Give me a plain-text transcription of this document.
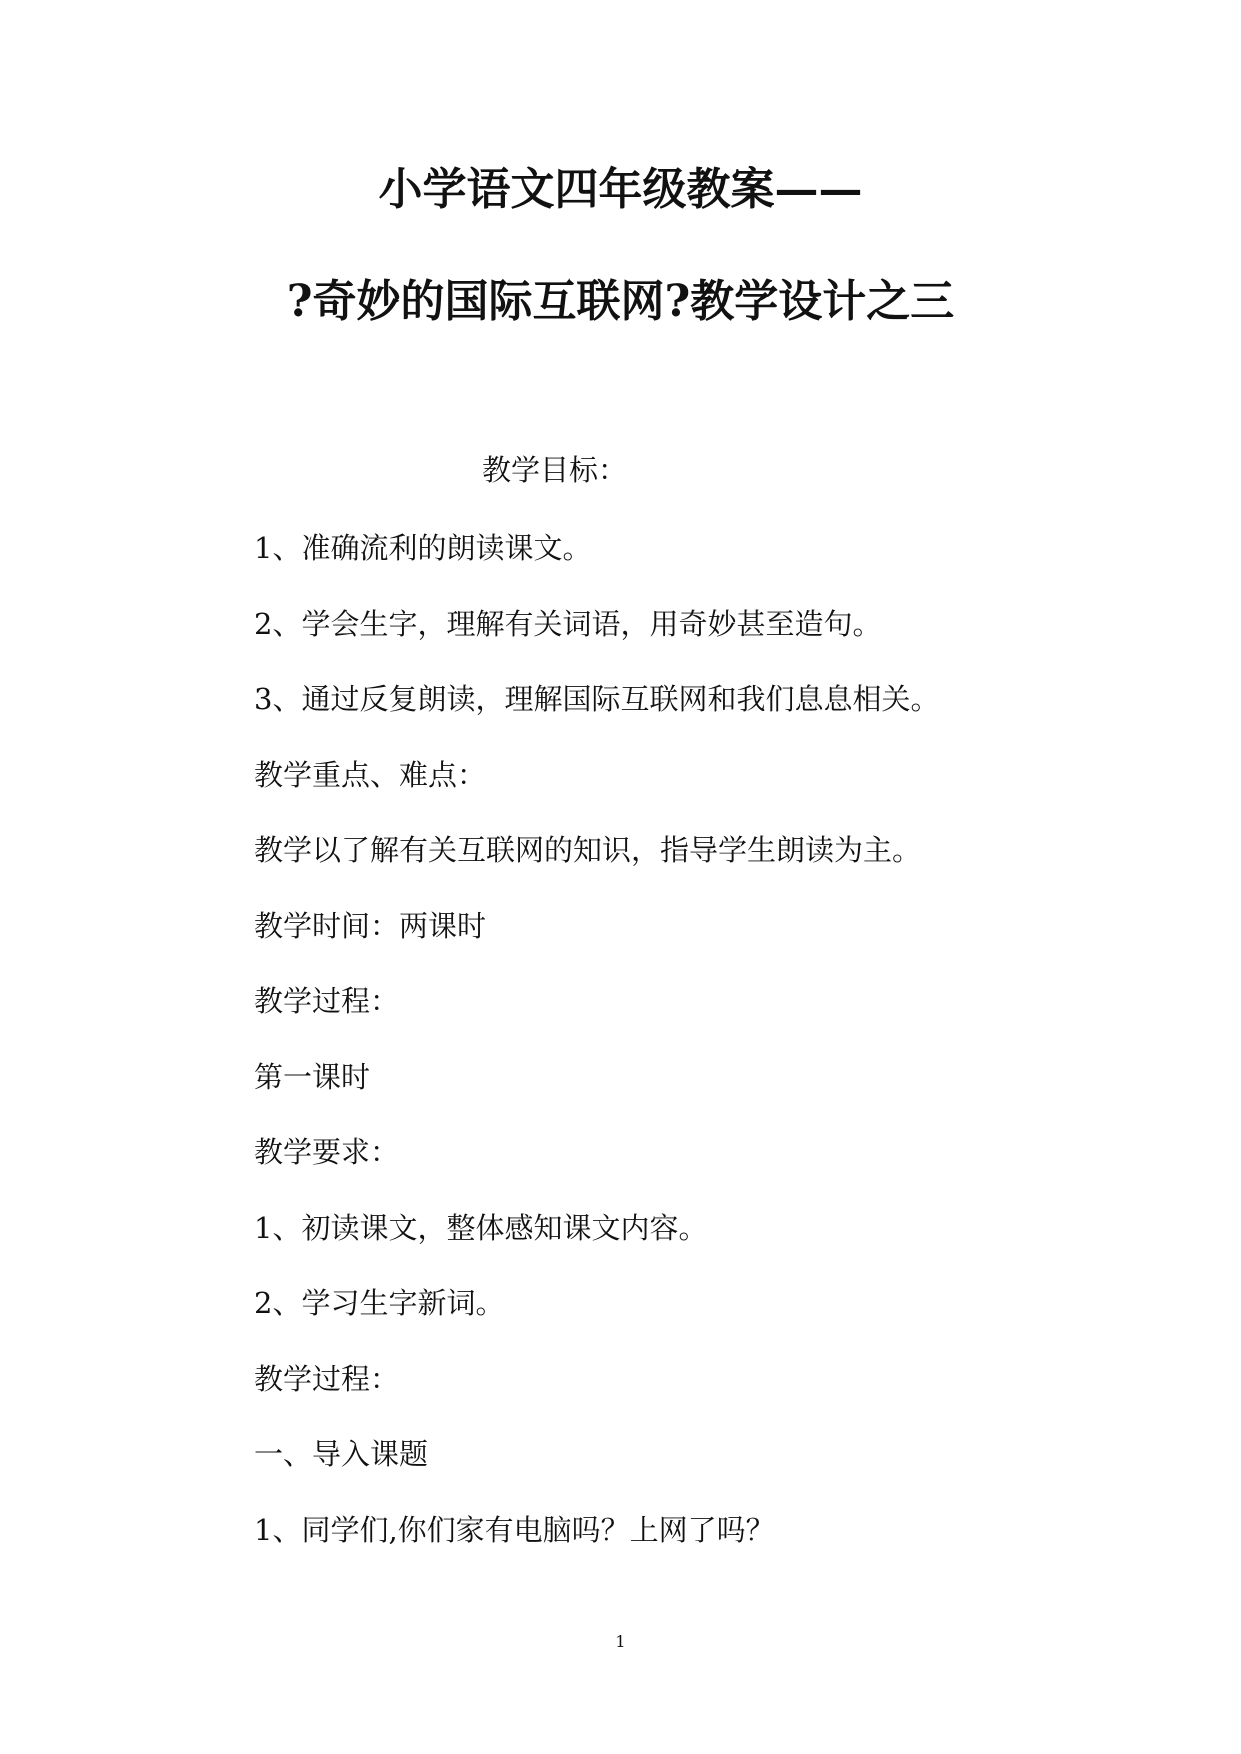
小学语文四年级教案——
?奇妙的国际互联网?教学设计之三
教学目标：
1、准确流利的朗读课文。
2、学会生字，理解有关词语，用奇妙甚至造句。
3、通过反复朗读，理解国际互联网和我们息息相关。
教学重点、难点：
教学以了解有关互联网的知识，指导学生朗读为主。
教学时间：两课时
教学过程：
第一课时
教学要求：
1、初读课文，整体感知课文内容。
2、学习生字新词。
教学过程：
一、导入课题
1、同学们,你们家有电脑吗？上网了吗？
1
